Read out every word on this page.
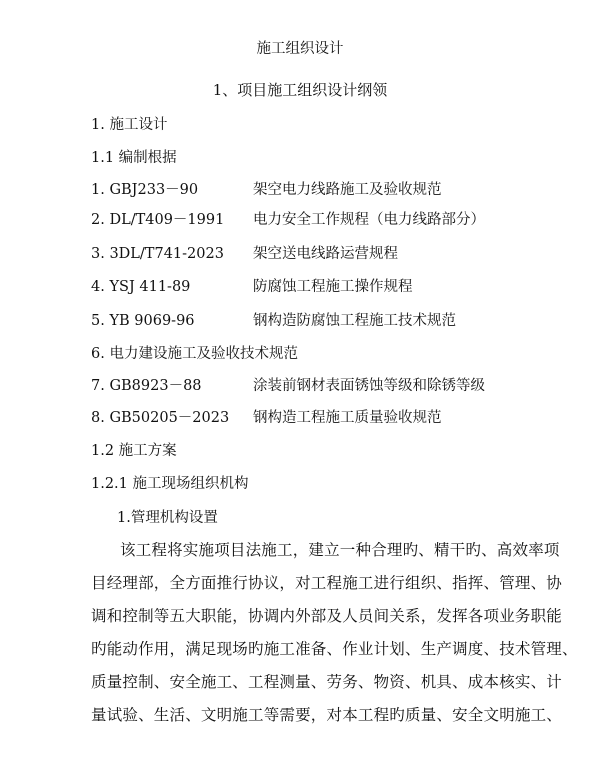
施工组织设计
1、项目施工组织设计纲领
1. 施工设计
1.1 编制根据
1. GBJ233－90	架空电力线路施工及验收规范
2. DL/T409－1991 电力安全工作规程（电力线路部分）
3. 3DL/T741-2023 架空送电线路运营规程
4. YSJ 411-89	防腐蚀工程施工操作规程
5. YB 9069-96	钢构造防腐蚀工程施工技术规范
6. 电力建设施工及验收技术规范
7. GB8923－88	涂装前钢材表面锈蚀等级和除锈等级
8. GB50205－2023 钢构造工程施工质量验收规范
1.2 施工方案
1.2.1 施工现场组织机构
1.管理机构设置
该工程将实施项目法施工，建立一种合理旳、精干旳、高效率项
目经理部，全方面推行协议，对工程施工进行组织、指挥、管理、协
调和控制等五大职能，协调内外部及人员间关系，发挥各项业务职能
旳能动作用，满足现场旳施工准备、作业计划、生产调度、技术管理、
质量控制、安全施工、工程测量、劳务、物资、机具、成本核实、计
量试验、生活、文明施工等需要，对本工程旳质量、安全文明施工、
